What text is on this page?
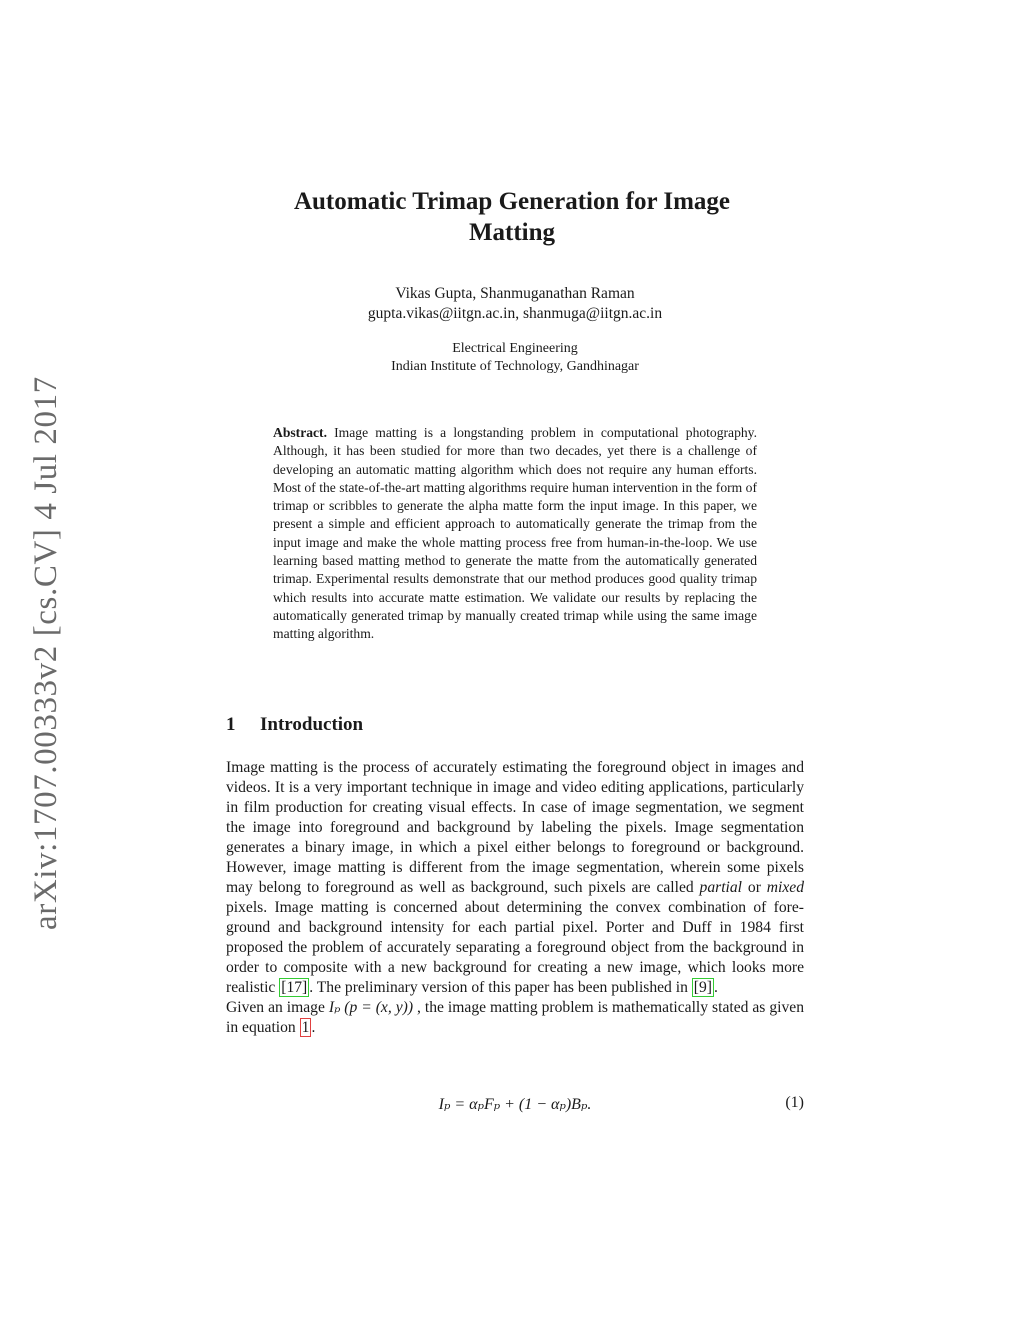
arXiv:1707.00333v2 [cs.CV] 4 Jul 2017
Automatic Trimap Generation for Image
Matting
Vikas Gupta, Shanmuganathan Raman
gupta.vikas@iitgn.ac.in, shanmuga@iitgn.ac.in
Electrical Engineering
Indian Institute of Technology, Gandhinagar
Abstract. Image matting is a longstanding problem in computational photography. Although, it has been studied for more than two decades, yet there is a challenge of developing an automatic matting algorithm which does not require any human efforts. Most of the state-of-the-art matting algorithms require human intervention in the form of trimap or scribbles to generate the alpha matte form the input image. In this paper, we present a simple and efficient approach to automatically generate the trimap from the input image and make the whole matting process free from human-in-the-loop. We use learning based matting method to generate the matte from the automatically generated trimap. Experimental results demonstrate that our method produces good quality trimap which results into accurate matte estimation. We validate our results by replacing the automatically generated trimap by manually created trimap while using the same image matting algorithm.
1 Introduction

Image matting is the process of accurately estimating the foreground object in images and videos. It is a very important technique in image and video editing applications, particularly in film production for creating visual effects. In case of image segmentation, we segment the image into foreground and background by labeling the pixels. Image segmentation generates a binary image, in which a pixel either belongs to foreground or background. However, image matting is different from the image segmentation, wherein some pixels may belong to foreground as well as background, such pixels are called partial or mixed pixels. Image matting is concerned about determining the convex combination of foreground and background intensity for each partial pixel. Porter and Duff in 1984 first proposed the problem of accurately separating a foreground object from the background in order to composite with a new background for creating a new image, which looks more realistic [17] . The preliminary version of this paper has been published in [9] .

Given an image Iₚ (p = (x, y)) , the image matting problem is mathematically stated as given in equation 1 .

Iₚ = αₚFₚ + (1 − αₚ)Bₚ.	(1)
